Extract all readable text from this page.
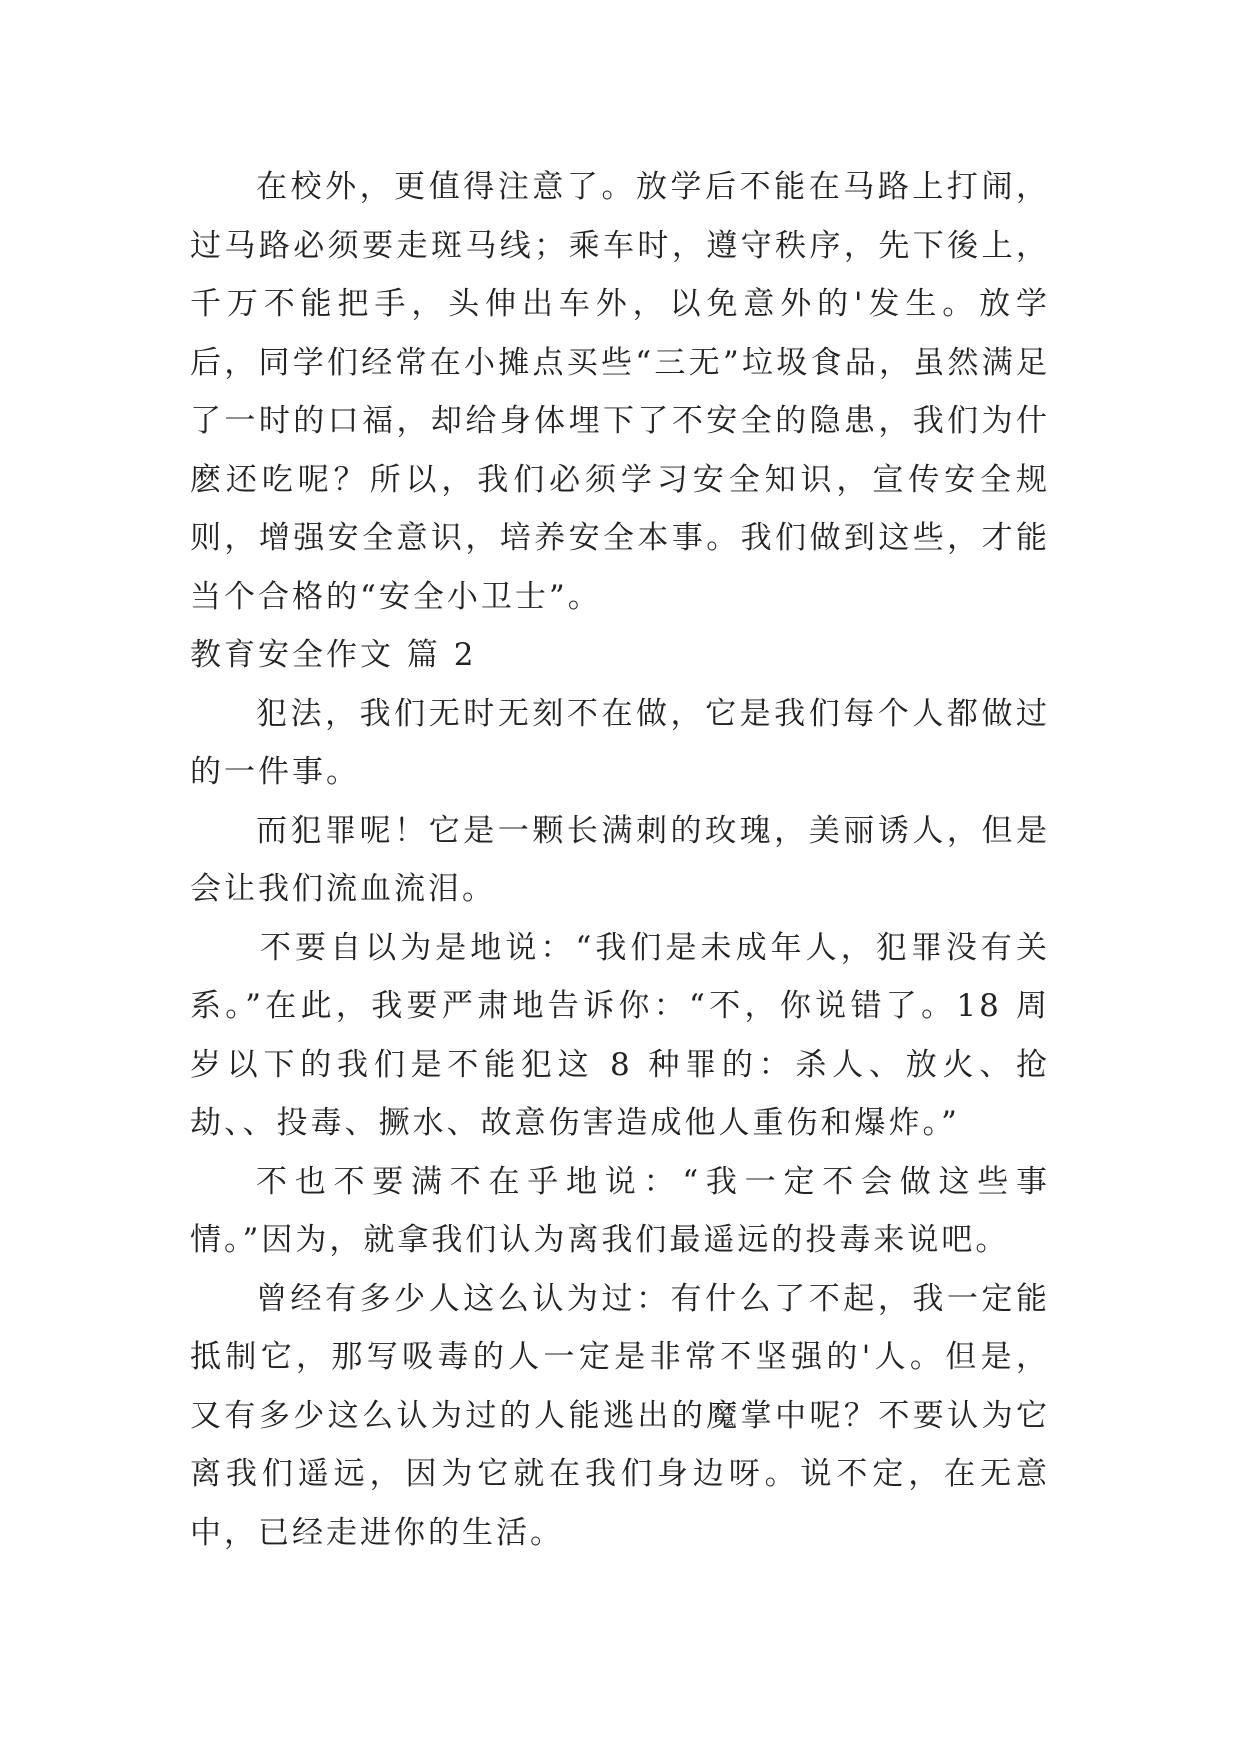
在校外，更值得注意了。放学后不能在马路上打闹，过马路必须要走斑马线；乘车时，遵守秩序，先下後上，千万不能把手，头伸出车外，以免意外的'发生。放学后，同学们经常在小摊点买些“三无”垃圾食品，虽然满足了一时的口福，却给身体埋下了不安全的隐患，我们为什麽还吃呢？所以，我们必须学习安全知识，宣传安全规则，增强安全意识，培养安全本事。我们做到这些，才能当个合格的“安全小卫士”。

教育安全作文 篇 2

犯法，我们无时无刻不在做，它是我们每个人都做过的一件事。

而犯罪呢！它是一颗长满刺的玫瑰，美丽诱人，但是会让我们流血流泪。

不要自以为是地说：“我们是未成年人，犯罪没有关系。”在此，我要严肃地告诉你：“不，你说错了。18 周岁以下的我们是不能犯这 8 种罪的：杀人、放火、抢劫、、投毒、撅水、故意伤害造成他人重伤和爆炸。”

不也不要满不在乎地说：“我一定不会做这些事情。”因为，就拿我们认为离我们最遥远的投毒来说吧。

曾经有多少人这么认为过：有什么了不起，我一定能抵制它，那写吸毒的人一定是非常不坚强的'人。但是，又有多少这么认为过的人能逃出的魔掌中呢？不要认为它离我们遥远，因为它就在我们身边呀。说不定，在无意中，已经走进你的生活。
